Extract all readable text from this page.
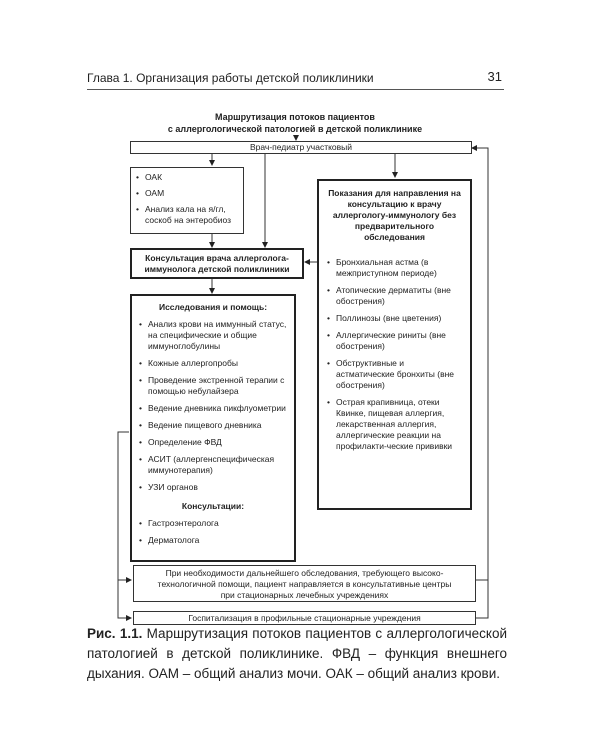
Глава 1. Организация работы детской поликлиники	31
Маршрутизация потоков пациентов
с аллергологической патологией в детской поликлинике
Врач-педиатр участковый
• ОАК
• ОАМ
• Анализ кала на я/гл, соскоб на энтеробиоз
Показания для направления на консультацию к врачу аллергологу-иммунологу без предварительного обследования
• Бронхиальная астма (в межприступном периоде)
• Атопические дерматиты (вне обострения)
• Поллинозы (вне цветения)
• Аллергические риниты (вне обострения)
• Обструктивные и астматические бронхиты (вне обострения)
• Острая крапивница, отеки Квинке, пищевая аллергия, лекарственная аллергия, аллергические реакции на профилакти-ческие прививки
Консультация врача аллерголога-
иммунолога детской поликлиники
Исследования и помощь:
• Анализ крови на иммунный статус, на специфические и общие иммуноглобулины
• Кожные аллергопробы
• Проведение экстренной терапии с помощью небулайзера
• Ведение дневника пикфлуометрии
• Ведение пищевого дневника
• Определение ФВД
• АСИТ (аллергенспецифическая иммунотерапия)
• УЗИ органов
Консультации:
• Гастроэнтеролога
• Дерматолога
При необходимости дальнейшего обследования, требующего высоко-
технологичной помощи, пациент направляется в консультативные центры
при стационарных лечебных учреждениях
Госпитализация в профильные стационарные учреждения
Рис. 1.1. Маршрутизация потоков пациентов с аллергологической патологией в детской поликлинике. ФВД – функция внешнего дыхания. ОАМ – общий анализ мочи. ОАК – общий анализ крови.
